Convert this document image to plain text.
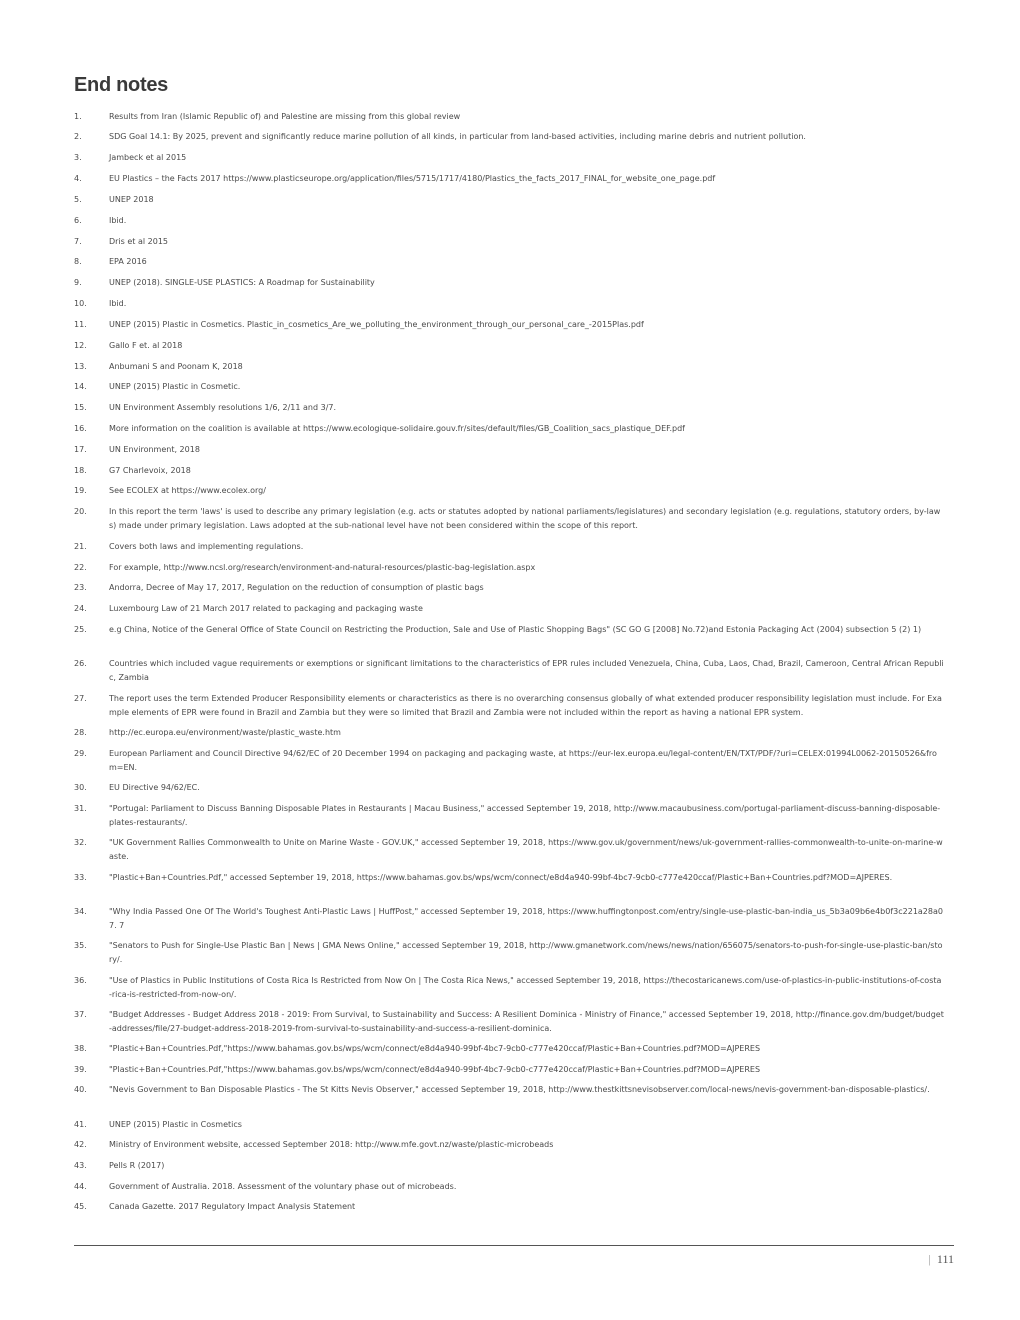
End notes
1.	Results from Iran (Islamic Republic of) and Palestine are missing from this global review
2.	SDG Goal 14.1: By 2025, prevent and significantly reduce marine pollution of all kinds, in particular from land-based activities, including marine debris and nutrient pollution.
3.	Jambeck et al 2015
4.	EU Plastics – the Facts 2017 https://www.plasticseurope.org/application/files/5715/1717/4180/Plastics_the_facts_2017_FINAL_for_website_one_page.pdf
5.	UNEP 2018
6.	Ibid.
7.	Dris et al 2015
8.	EPA 2016
9.	UNEP (2018). SINGLE-USE PLASTICS: A Roadmap for Sustainability
10.	Ibid.
11.	UNEP (2015) Plastic in Cosmetics. Plastic_in_cosmetics_Are_we_polluting_the_environment_through_our_personal_care_-2015Plas.pdf
12.	Gallo F et. al 2018
13.	Anbumani S and Poonam K, 2018
14.	UNEP (2015) Plastic in Cosmetic.
15.	UN Environment Assembly resolutions 1/6, 2/11 and 3/7.
16.	More information on the coalition is available at https://www.ecologique-solidaire.gouv.fr/sites/default/files/GB_Coalition_sacs_plastique_DEF.pdf
17.	UN Environment, 2018
18.	G7 Charlevoix, 2018
19.	See ECOLEX at https://www.ecolex.org/
20.	In this report the term 'laws' is used to describe any primary legislation (e.g. acts or statutes adopted by national parliaments/legislatures) and secondary legislation (e.g. regulations, statutory orders, by-laws) made under primary legislation. Laws adopted at the sub-national level have not been considered within the scope of this report.
21.	Covers both laws and implementing regulations.
22.	For example, http://www.ncsl.org/research/environment-and-natural-resources/plastic-bag-legislation.aspx
23.	Andorra, Decree of May 17, 2017, Regulation on the reduction of consumption of plastic bags
24.	Luxembourg Law of 21 March 2017 related to packaging and packaging waste
25.	e.g China, Notice of the General Office of State Council on Restricting the Production, Sale and Use of Plastic Shopping Bags" (SC GO G [2008] No.72)and Estonia Packaging Act (2004) subsection 5 (2) 1)
26.	Countries which included vague requirements or exemptions or significant limitations to the characteristics of EPR rules included Venezuela, China, Cuba, Laos, Chad, Brazil, Cameroon, Central African Republic, Zambia
27.	The report uses the term Extended Producer Responsibility elements or characteristics as there is no overarching consensus globally of what extended producer responsibility legislation must include. For Example elements of EPR were found in Brazil and Zambia but they were so limited that Brazil and Zambia were not included within the report as having a national EPR system.
28.	http://ec.europa.eu/environment/waste/plastic_waste.htm
29.	European Parliament and Council Directive 94/62/EC of 20 December 1994 on packaging and packaging waste, at https://eur-lex.europa.eu/legal-content/EN/TXT/PDF/?uri=CELEX:01994L0062-20150526&from=EN.
30.	EU Directive 94/62/EC.
31.	"Portugal: Parliament to Discuss Banning Disposable Plates in Restaurants | Macau Business," accessed September 19, 2018, http://www.macaubusiness.com/portugal-parliament-discuss-banning-disposable-plates-restaurants/.
32.	"UK Government Rallies Commonwealth to Unite on Marine Waste - GOV.UK," accessed September 19, 2018, https://www.gov.uk/government/news/uk-government-rallies-commonwealth-to-unite-on-marine-waste.
33.	"Plastic+Ban+Countries.Pdf," accessed September 19, 2018, https://www.bahamas.gov.bs/wps/wcm/connect/e8d4a940-99bf-4bc7-9cb0-c777e420ccaf/Plastic+Ban+Countries.pdf?MOD=AJPERES.
34.	"Why India Passed One Of The World's Toughest Anti-Plastic Laws | HuffPost," accessed September 19, 2018, https://www.huffingtonpost.com/entry/single-use-plastic-ban-india_us_5b3a09b6e4b0f3c221a28a07. 7
35.	"Senators to Push for Single-Use Plastic Ban | News | GMA News Online," accessed September 19, 2018, http://www.gmanetwork.com/news/news/nation/656075/senators-to-push-for-single-use-plastic-ban/story/.
36.	"Use of Plastics in Public Institutions of Costa Rica Is Restricted from Now On | The Costa Rica News," accessed September 19, 2018, https://thecostaricanews.com/use-of-plastics-in-public-institutions-of-costa-rica-is-restricted-from-now-on/.
37.	"Budget Addresses - Budget Address 2018 - 2019: From Survival, to Sustainability and Success: A Resilient Dominica - Ministry of Finance," accessed September 19, 2018, http://finance.gov.dm/budget/budget-addresses/file/27-budget-address-2018-2019-from-survival-to-sustainability-and-success-a-resilient-dominica.
38.	"Plastic+Ban+Countries.Pdf,"https://www.bahamas.gov.bs/wps/wcm/connect/e8d4a940-99bf-4bc7-9cb0-c777e420ccaf/Plastic+Ban+Countries.pdf?MOD=AJPERES
39.	"Plastic+Ban+Countries.Pdf,"https://www.bahamas.gov.bs/wps/wcm/connect/e8d4a940-99bf-4bc7-9cb0-c777e420ccaf/Plastic+Ban+Countries.pdf?MOD=AJPERES
40.	"Nevis Government to Ban Disposable Plastics - The St Kitts Nevis Observer," accessed September 19, 2018, http://www.thestkittsnevisobserver.com/local-news/nevis-government-ban-disposable-plastics/.
41.	UNEP (2015) Plastic in Cosmetics
42.	Ministry of Environment website, accessed September 2018: http://www.mfe.govt.nz/waste/plastic-microbeads
43.	Pells R (2017)
44.	Government of Australia. 2018. Assessment of the voluntary phase out of microbeads.
45.	Canada Gazette. 2017 Regulatory Impact Analysis Statement
| 111
